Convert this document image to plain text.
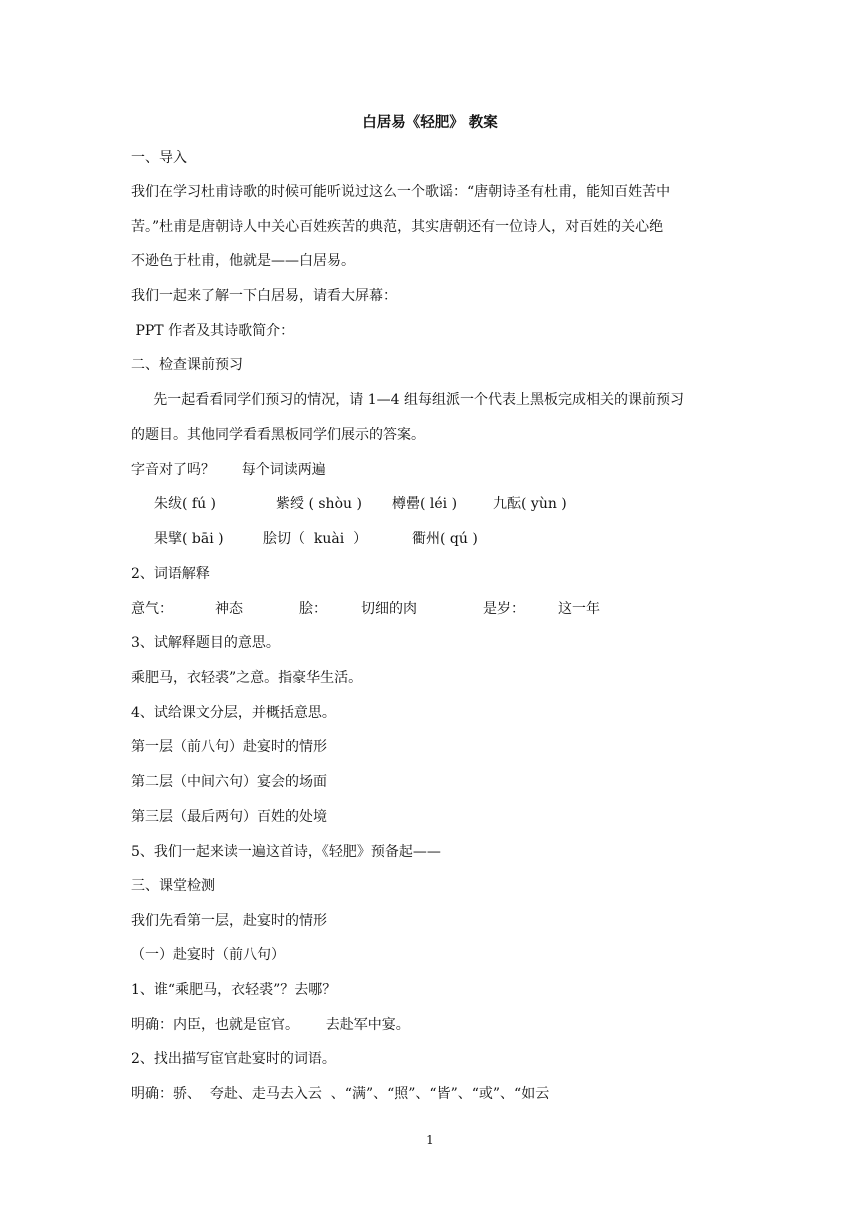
白居易《轻肥》 教案
一、导入
我们在学习杜甫诗歌的时候可能听说过这么一个歌谣：“唐朝诗圣有杜甫，能知百姓苦中
苦。”杜甫是唐朝诗人中关心百姓疾苦的典范，其实唐朝还有一位诗人，对百姓的关心绝
不逊色于杜甫，他就是——白居易。
我们一起来了解一下白居易，请看大屏幕：
PPT 作者及其诗歌简介：
二、检查课前预习
先一起看看同学们预习的情况，请 1—4 组每组派一个代表上黑板完成相关的课前预习
的题目。其他同学看看黑板同学们展示的答案。
字音对了吗？      每个词读两遍
朱绂( fú )	紫绶 ( shòu ) 樽罍( léi )	九酝( yùn )
果擘( bāi )	脍切（  kuài  ）	衢州( qú )
2、词语解释
意气：	神态	脍： 切细的肉	是岁： 这一年
3、试解释题目的意思。
乘肥马，衣轻裘”之意。指豪华生活。
4、试给课文分层，并概括意思。
第一层（前八句）赴宴时的情形
第二层（中间六句）宴会的场面
第三层（最后两句）百姓的处境
5、我们一起来读一遍这首诗，《轻肥》预备起——
三、课堂检测
我们先看第一层，赴宴时的情形
（一）赴宴时（前八句）
1、谁“乘肥马，衣轻裘”？去哪？
明确：内臣，也就是宦官。      去赴军中宴。
2、找出描写宦官赴宴时的词语。
明确：骄、  夸赴、走马去入云  、“满”、“照”、“皆”、“或”、“如云
1
